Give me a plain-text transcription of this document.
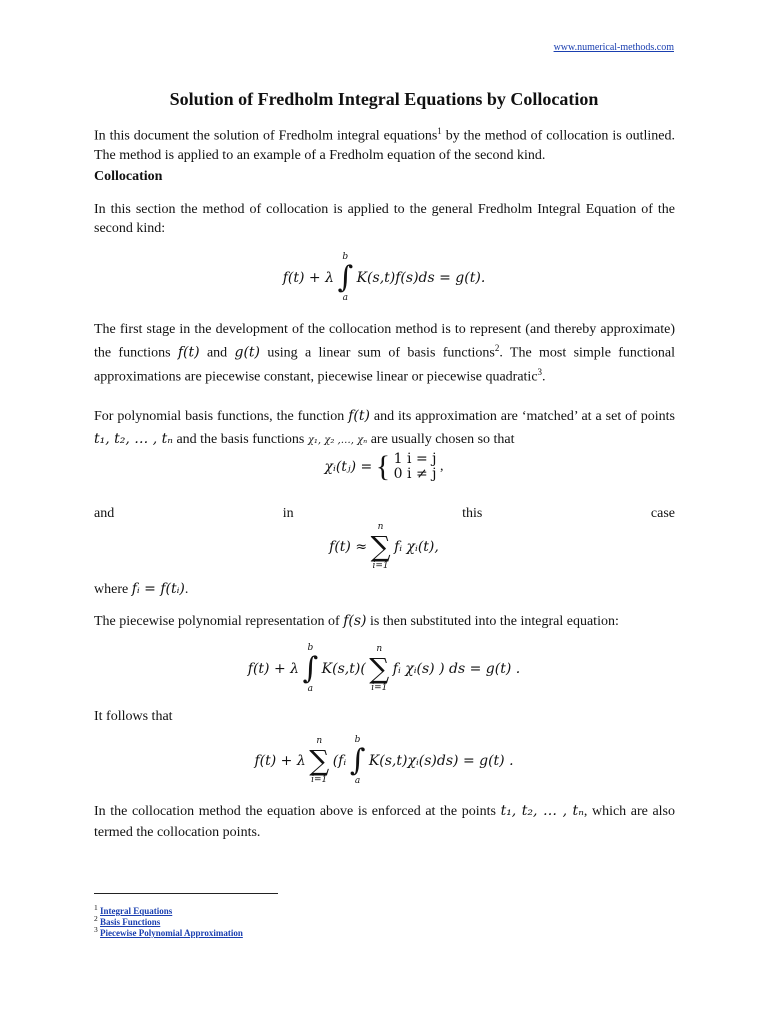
www.numerical-methods.com
Solution of Fredholm Integral Equations by Collocation
In this document the solution of Fredholm integral equations$^1$ by the method of collocation is outlined. The method is applied to an example of a Fredholm equation of the second kind.
Collocation
In this section the method of collocation is applied to the general Fredholm Integral Equation of the second kind:
f(t) + λ
b
∫
a
K(s,t)f(s)ds = g(t).
The first stage in the development of the collocation method is to represent (and thereby approximate) the functions f(t) and g(t) using a linear sum of basis functions$^2$. The most simple functional approximations are piecewise constant, piecewise linear or piecewise quadratic$^3$.
For polynomial basis functions, the function f(t) and its approximation are ‘matched’ at a set of points t₁, t₂, … , tₙ and the basis functions χ₁, χ₂ ,…, χₙ are usually chosen so that
χᵢ(tⱼ) = { 1 i = j
0 i ≠ j ,
and	in	this	case
f(t) ≈
n
∑
i=1
fᵢ χᵢ(t),
where fᵢ = f(tᵢ).
The piecewise polynomial representation of f(s) is then substituted into the integral equation:
f(t) + λ
b
∫
a
K(s,t)(
n
∑
i=1
fᵢ χᵢ(s) ) ds = g(t) .
It follows that
f(t) + λ
n
∑
i=1
(fᵢ
b
∫
a
K(s,t)χᵢ(s)ds) = g(t) .
In the collocation method the equation above is enforced at the points t₁, t₂, … , tₙ, which are also termed the collocation points.
$^1$ Integral Equations
$^2$ Basis Functions
$^3$ Piecewise Polynomial Approximation
